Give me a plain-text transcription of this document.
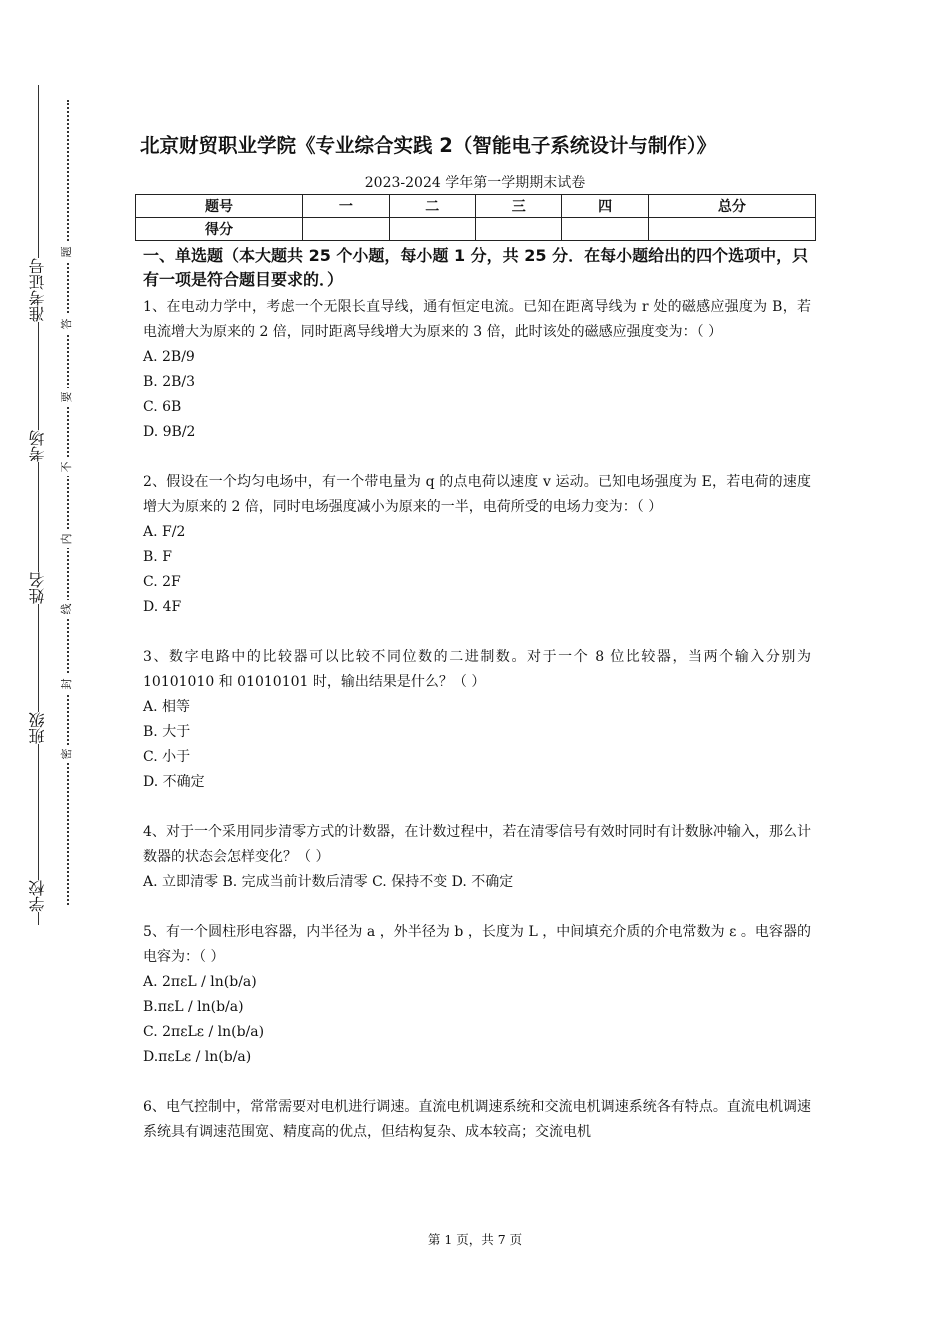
学校
班级
姓名
考场
准考证号
密
封
线
内
不
要
答
题
北京财贸职业学院《专业综合实践 2（智能电子系统设计与制作）》
2023-2024 学年第一学期期末试卷
题号	一	二	三	四	总分
得分					
一、单选题（本大题共 25 个小题，每小题 1 分，共 25 分．在每小题给出的四个选项中，只有一项是符合题目要求的．）

1、在电动力学中，考虑一个无限长直导线，通有恒定电流。已知在距离导线为 r 处的磁感应强度为 B，若电流增大为原来的 2 倍，同时距离导线增大为原来的 3 倍，此时该处的磁感应强度变为：（ ）

A. 2B/9

B. 2B/3

C. 6B

D. 9B/2

2、假设在一个均匀电场中，有一个带电量为 q 的点电荷以速度 v 运动。已知电场强度为 E，若电荷的速度增大为原来的 2 倍，同时电场强度减小为原来的一半，电荷所受的电场力变为：（ ）

A. F/2

B. F

C. 2F

D. 4F

3、数字电路中的比较器可以比较不同位数的二进制数。对于一个 8 位比较器，当两个输入分别为 10101010 和 01010101 时，输出结果是什么？（ ）

A. 相等

B. 大于

C. 小于

D. 不确定

4、对于一个采用同步清零方式的计数器，在计数过程中，若在清零信号有效时同时有计数脉冲输入，那么计数器的状态会怎样变化？（ ）

A. 立即清零 B. 完成当前计数后清零 C. 保持不变 D. 不确定

5、有一个圆柱形电容器，内半径为 a ，外半径为 b ，长度为 L ，中间填充介质的介电常数为 ε 。电容器的电容为：（ ）

A. 2πεL / ln(b/a)

B.πεL / ln(b/a)

C. 2πεLε / ln(b/a)

D.πεLε / ln(b/a)

6、电气控制中，常常需要对电机进行调速。直流电机调速系统和交流电机调速系统各有特点。直流电机调速系统具有调速范围宽、精度高的优点，但结构复杂、成本较高；交流电机

第 1 页，共 7 页
